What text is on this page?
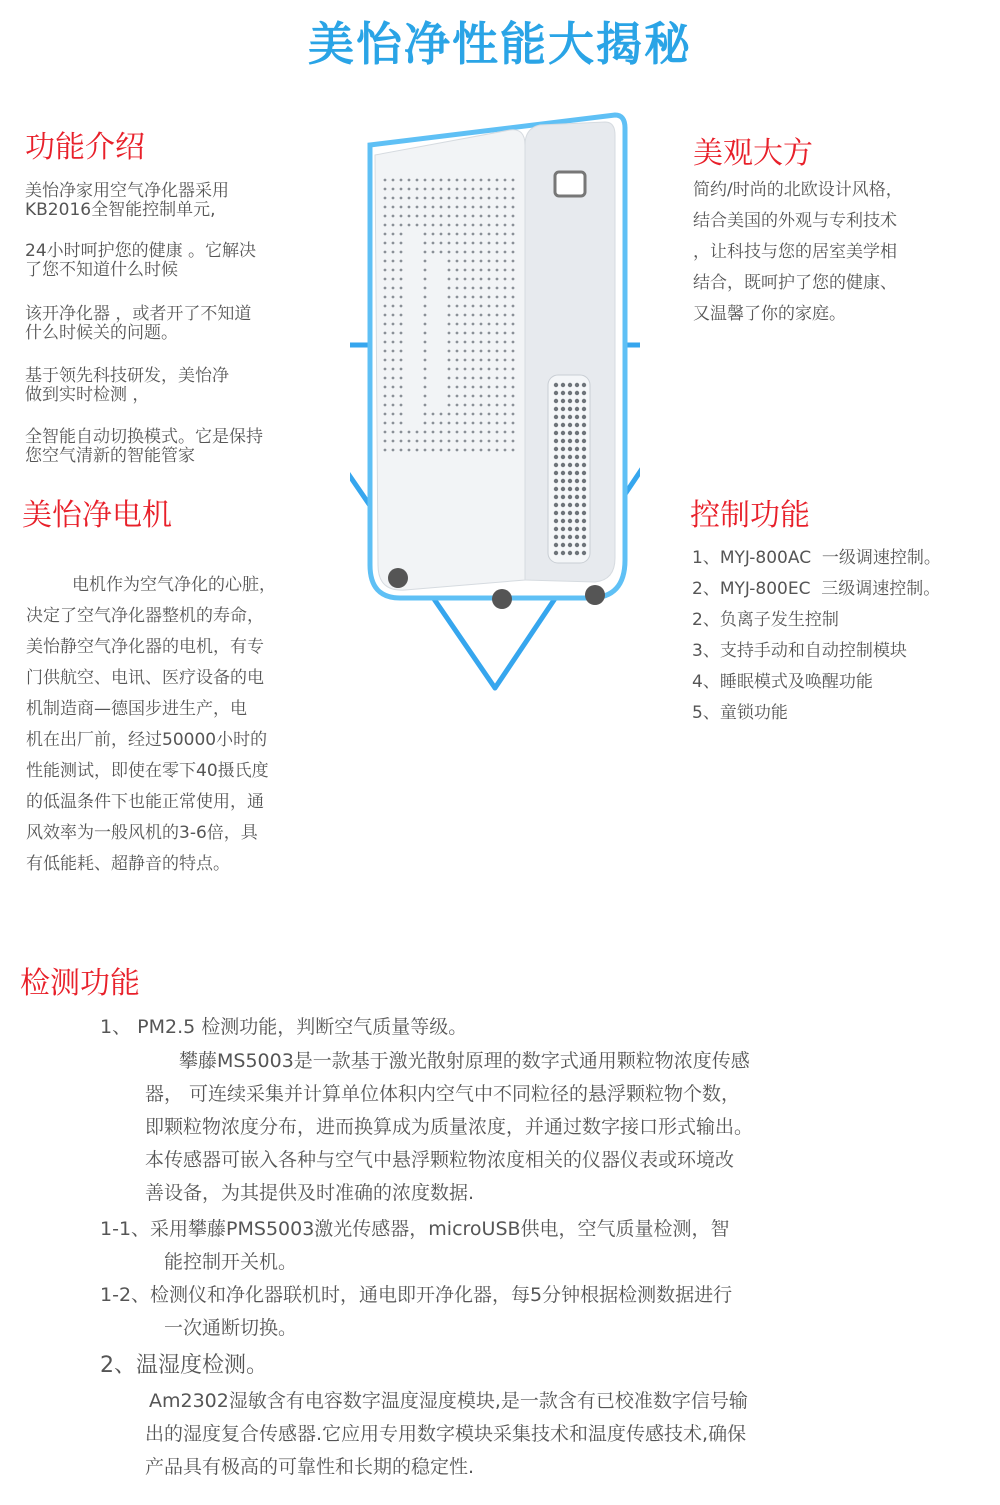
美怡净性能大揭秘
功能介绍
美怡净家用空气净化器采用
KB2016全智能控制单元,
24小时呵护您的健康 。它解决
了您不知道什么时候
该开净化器 ，或者开了不知道
什么时候关的问题。
基于领先科技研发，美怡净
做到实时检测 ，
全智能自动切换模式。它是保持
您空气清新的智能管家
美观大方
简约/时尚的北欧设计风格，
结合美国的外观与专利技术
，让科技与您的居室美学相
结合，既呵护了您的健康、
又温馨了你的家庭。
美怡净电机
电机作为空气净化的心脏，
决定了空气净化器整机的寿命，
美怡静空气净化器的电机，有专
门供航空、电讯、医疗设备的电
机制造商—德国步进生产，电
机在出厂前，经过50000小时的
性能测试，即使在零下40摄氏度
的低温条件下也能正常使用，通
风效率为一般风机的3-6倍，具
有低能耗、超静音的特点。
控制功能
1、MYJ-800AC  一级调速控制。
2、MYJ-800EC  三级调速控制。
2、负离子发生控制
3、支持手动和自动控制模块
4、睡眠模式及唤醒功能
5、童锁功能
检测功能
1、 PM2.5 检测功能，判断空气质量等级。
攀藤MS5003是一款基于激光散射原理的数字式通用颗粒物浓度传感
器， 可连续采集并计算单位体积内空气中不同粒径的悬浮颗粒物个数，
即颗粒物浓度分布，进而换算成为质量浓度，并通过数字接口形式输出。
本传感器可嵌入各种与空气中悬浮颗粒物浓度相关的仪器仪表或环境改
善设备，为其提供及时准确的浓度数据.
1-1、采用攀藤PMS5003激光传感器，microUSB供电，空气质量检测，智
能控制开关机。
1-2、检测仪和净化器联机时，通电即开净化器，每5分钟根据检测数据进行
一次通断切换。
2、温湿度检测。
Am2302湿敏含有电容数字温度湿度模块,是一款含有已校准数字信号输
出的湿度复合传感器.它应用专用数字模块采集技术和温度传感技术,确保
产品具有极高的可靠性和长期的稳定性.
